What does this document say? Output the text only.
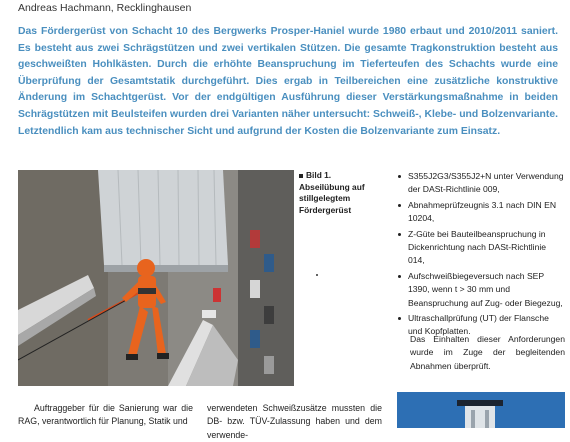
Andreas Hachmann, Recklinghausen
Das Fördergerüst von Schacht 10 des Bergwerks Prosper-Haniel wurde 1980 erbaut und 2010/2011 saniert. Es besteht aus zwei Schrägstützen und zwei vertikalen Stützen. Die gesamte Tragkonstruktion besteht aus geschweißten Hohlkästen. Durch die erhöhte Beanspruchung im Tieferteufen des Schachts wurde eine Überprüfung der Gesamtstatik durchgeführt. Dies ergab in Teilbereichen eine zusätzliche konstruktive Änderung im Schachtgerüst. Vor der endgültigen Ausführung dieser Verstärkungsmaßnahme in beiden Schrägstützen mit Beulsteifen wurden drei Varianten näher untersucht: Schweiß-, Klebe- und Bolzenvariante. Letztendlich kam aus technischer Sicht und aufgrund der Kosten die Bolzenvariante zum Einsatz.
Bild 1.
Abseilübung auf stillgelegtem Fördergerüst
S355J2G3/S355J2+N unter Verwendung der DASt-Richtlinie 009,
Abnahmeprüfzeugnis 3.1 nach DIN EN 10204,
Z-Güte bei Bauteilbeanspruchung in Dickenrichtung nach DASt-Richtlinie 014,
Aufschweißbiegeversuch nach SEP 1390, wenn t > 30 mm und Beanspruchung auf Zug- oder Biegezug,
Ultraschallprüfung (UT) der Flansche und Kopfplatten.
Das Einhalten dieser Anforderungen wurde im Zuge der begleitenden Abnahmen überprüft.
Auftraggeber für die Sanierung war die RAG, verantwortlich für Planung, Statik und
verwendeten Schweißzusätze mussten die DB- bzw. TÜV-Zulassung haben und dem verwende-
